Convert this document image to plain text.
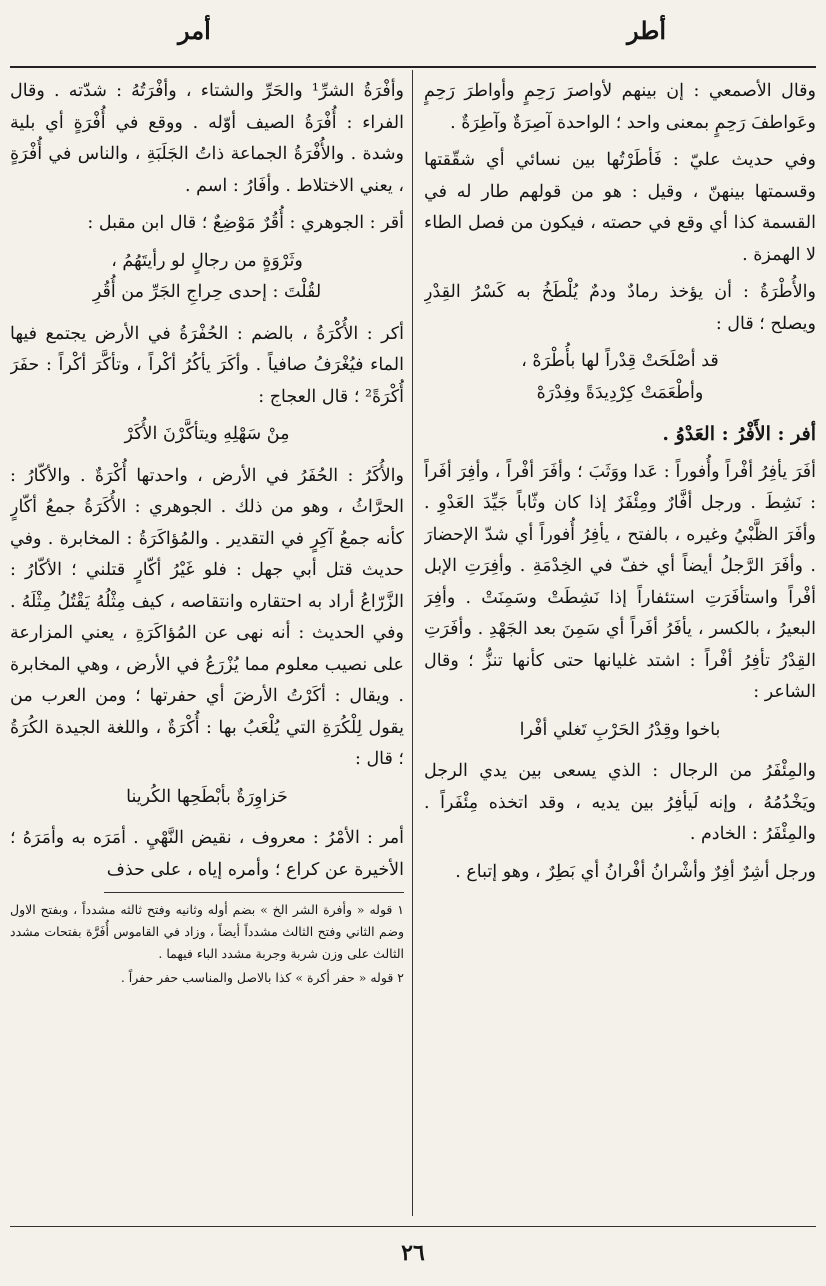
أمر	أطر

وقال الأصمعي : إن بينهم لأواصرَ رَحِمٍ وأواطرَ رَحِمٍ وعَواطفَ رَحِمٍ بمعنى واحد ؛ الواحدة آصِرَةٌ وآطِرَةٌ .

وفي حديث عليّ : فَأطَرْتُها بين نسائي أي شقّقتها وقسمتها بينهنّ ، وقيل : هو من قولهم طار له في القسمة كذا أي وقع في حصته ، فيكون من فصل الطاء لا الهمزة .

والأُطْرَةُ : أن يؤخذ رمادٌ ودمٌ يُلْطَخُ به كَسْرُ القِدْرِ ويصلح ؛ قال :

قد أصْلَحَتْ قِدْراً لها بأُطْرَهْ ،
وأطْعَمَتْ كِرْدِيدَةً وفِدْرَهْ

أفر : الأَفْرُ : العَدْوُ .

أفَرَ يأفِرُ أفْراً وأُفوراً : عَدا ووَثَبَ ؛ وأفَرَ أفْراً ، وأفِرَ أفَراً : نَشِطَ . ورجل أفَّارٌ ومِئْفَرٌ إذا كان وثّاباً جَيِّدَ العَدْوِ . وأفَرَ الظَّبْيُ وغيره ، بالفتح ، يأفِرُ أُفوراً أي شدّ الإحضارَ . وأفَرَ الرَّجلُ أيضاً أي خفّ في الخِدْمَةِ . وأفِرَتِ الإبل أفْراً واستأفَرَتِ استئفاراً إذا نَشِطَتْ وسَمِنَتْ . وأفِرَ البعيرُ ، بالكسر ، يأفَرُ أفَراً أي سَمِنَ بعد الجَهْدِ . وأفَرَتِ القِدْرُ تأفِرُ أفْراً : اشتد غليانها حتى كأنها تنزُّ ؛ وقال الشاعر :

باخوا وقِدْرُ الحَرْبِ تَغلي أفْرا

والمِئْفَرُ من الرجال : الذي يسعى بين يدي الرجل ويَخْدُمُهُ ، وإنه لَيأفِرُ بين يديه ، وقد اتخذه مِئْفَراً . والمِئْفَرُ : الخادم .

ورجل أشِرٌ أفِرٌ وأشْرانُ أفْرانُ أي بَطِرٌ ، وهو إتباع .

وأفْرَةُ الشرِّ¹ والحَرِّ والشتاء ، وأفْرَتُهُ : شدّته . وقال الفراء : أُفْرَةُ الصيف أوّله . ووقع في أُفْرَةٍ أي بلية وشدة . والأُفْرَةُ الجماعة ذاتُ الجَلَبَةِ ، والناس في أُفْرَةٍ ، يعني الاختلاط . وأفَارُ : اسم .

أقر : الجوهري : أُقُرٌ مَوْضِعٌ ؛ قال ابن مقبل :

وثَرْوَةٍ من رجالٍ لو رأيتَهُمُ ،
لقُلْتَ : إحدى حِراجِ الجَرِّ من أُقُرِ

أكر : الأُكْرَةُ ، بالضم : الحُفْرَةُ في الأرض يجتمع فيها الماء فيُغْرَفُ صافياً . وأكَرَ يأكُرُ أكْراً ، وتأكَّرَ أكْراً : حفَرَ أُكْرَةً² ؛ قال العجاج :

مِنْ سَهْلِهِ ويتأكَّرْنَ الأُكَرْ

والأُكَرُ : الحُفَرُ في الأرض ، واحدتها أُكْرَةٌ . والأكّارُ : الحرَّاثُ ، وهو من ذلك . الجوهري : الأُكَرَةُ جمعُ أكّارٍ كأنه جمعُ آكِرٍ في التقدير . والمُؤاكَرَةُ : المخابرة . وفي حديث قتل أبي جهل : فلو غَيْرُ أكّارٍ قتلني ؛ الأكّارُ : الزَّرّاعُ أراد به احتقاره وانتقاصه ، كيف مِثْلُهُ يَقْتُلُ مِثْلَهُ . وفي الحديث : أنه نهى عن المُؤاكَرَةِ ، يعني المزارعة على نصيب معلوم مما يُزْرَعُ في الأرض ، وهي المخابرة . ويقال : أكَرْتُ الأرضَ أي حفرتها ؛ ومن العرب من يقول لِلْكُرَةِ التي يُلْعَبُ بها : أُكْرَةٌ ، واللغة الجيدة الكُرَةُ ؛ قال :

حَزاوِرَةٌ بأبْطَحِها الكُرينا

أمر : الأمْرُ : معروف ، نقيض النَّهْيِ . أمَرَه به وأمَرَهُ ؛ الأخيرة عن كراع ؛ وأمره إياه ، على حذف

١ قوله « وأفرة الشر الخ » بضم أوله وثانيه وفتح ثالثه مشدداً ، وبفتح الاول وضم الثاني وفتح الثالث مشدداً أيضاً ، وزاد في القاموس أُفَرَّة بفتحات مشدد الثالث على وزن شربة وجربة مشدد الباء فيهما .

٢ قوله « حفر أكرة » كذا بالاصل والمناسب حفر حفراً .

٢٦
